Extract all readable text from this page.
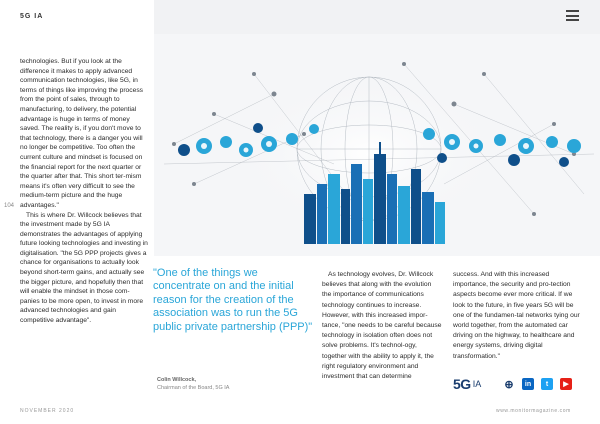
5G IA

technologies. But if you look at the difference it makes to apply advanced communication technologies, like 5G, in terms of things like improving the process from the point of sales, through to manufacturing, to delivery, the potential advantage is huge in terms of money saved. The reality is, if you don't move to that technology, there is a danger you will no longer be competitive. Too often the current culture and mindset is focused on the financial report for the next quarter or the quarter after that. This short ter-mism means it's often very difficult to see the medium-term picture and the huge advantages."

This is where Dr. Willcock believes that the investment made by 5G IA demonstrates the advantages of applying future looking technologies and investing in digitalisation. "the 5G PPP projects gives a chance for organisations to actually look beyond short-term gains, and actually see the bigger picture, and hopefully then that will enable the mindset in those com-panies to be more open, to invest in more advanced technologies and gain competitive advantage".

104
"One of the things we concentrate on and the initial reason for the creation of the association was to run the 5G public private partnership (PPP)"
Colin Willcock,
Chairman of the Board, 5G IA

As technology evolves, Dr. Willcock believes that along with the evolution the importance of communications technology continues to increase. However, with this increased impor-tance, "one needs to be careful because technology in isolation often does not solve problems. It's technol-ogy, together with the ability to apply it, the right regulatory environment and investment that can determine

success. And with this increased importance, the security and pro-tection aspects become ever more critical. If we look to the future, in five years 5G will be one of the fundamen-tal networks tying our world together, from the automated car driving on the highway, to healthcare and energy systems, driving digital transformation."

5G IA ⊕	in	t	▶
NOVEMBER 2020	www.monitormagazine.com
